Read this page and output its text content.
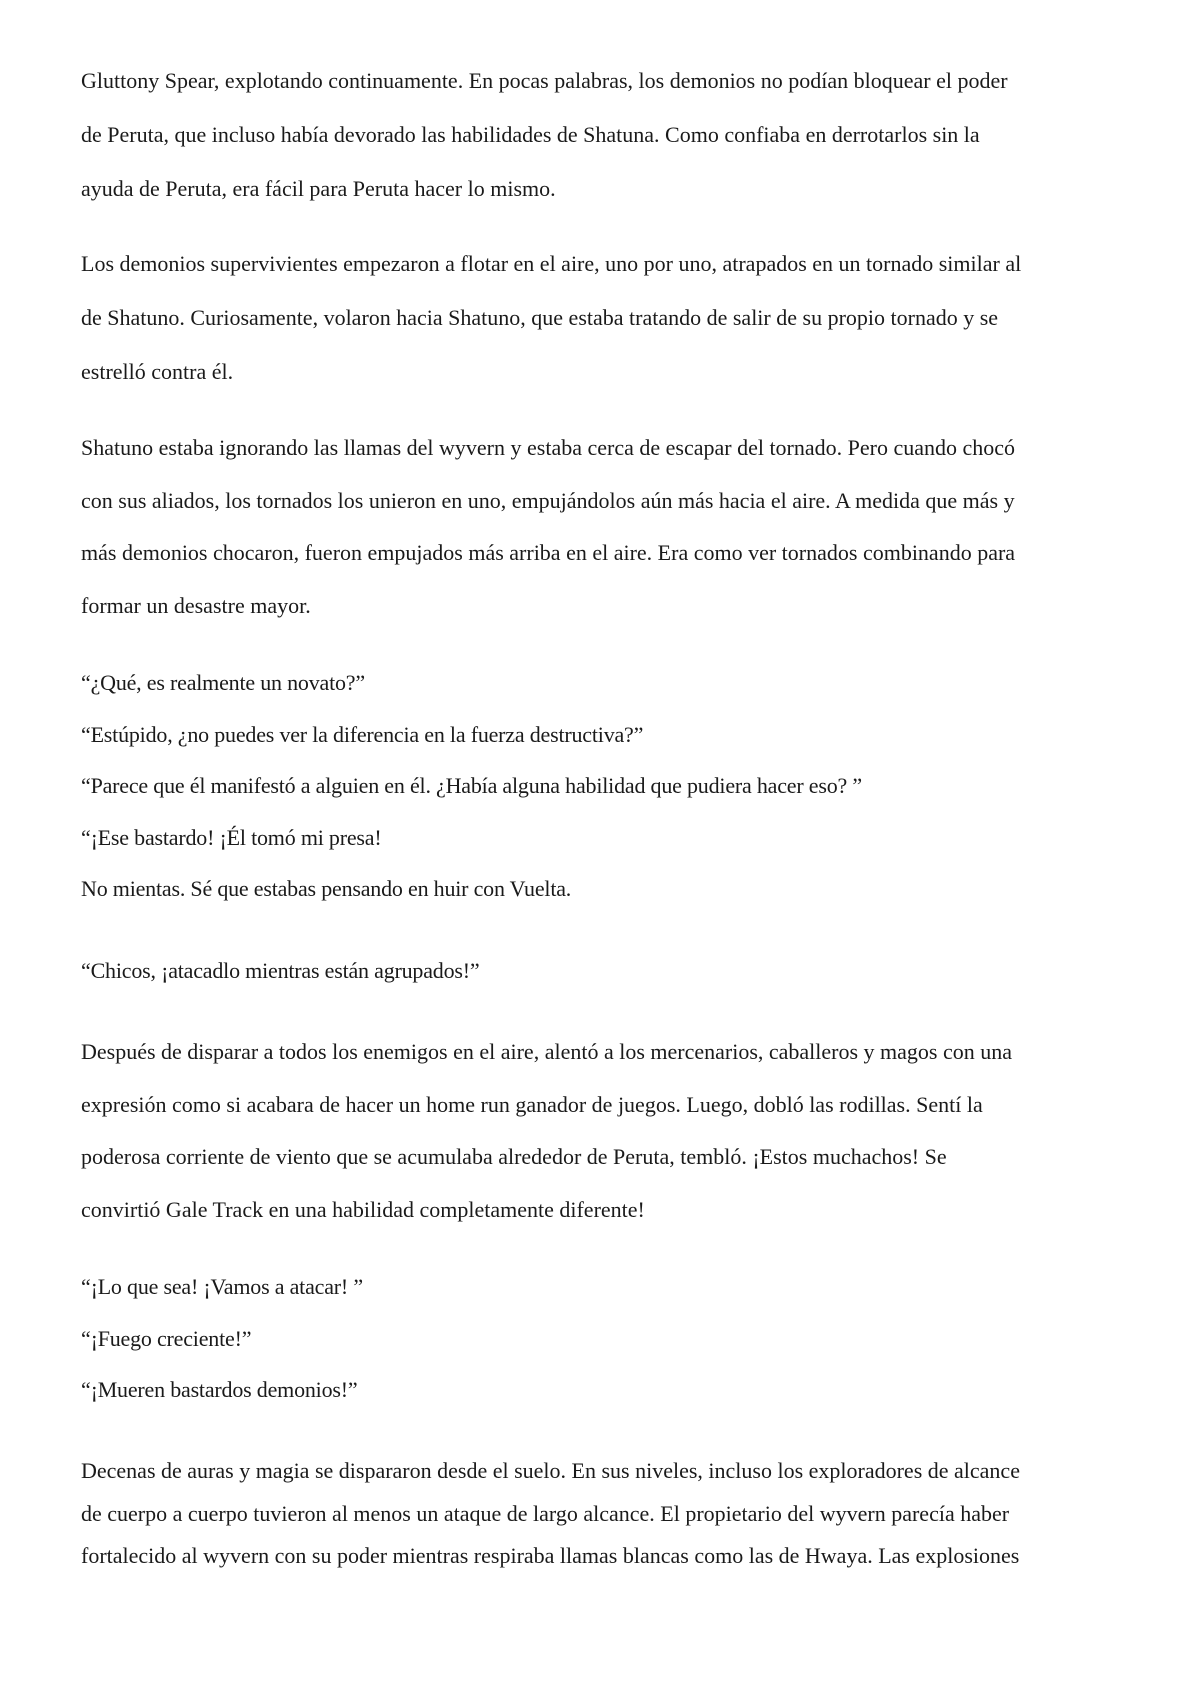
Gluttony Spear, explotando continuamente. En pocas palabras, los demonios no podían bloquear el poder
de Peruta, que incluso había devorado las habilidades de Shatuna. Como confiaba en derrotarlos sin la
ayuda de Peruta, era fácil para Peruta hacer lo mismo.
Los demonios supervivientes empezaron a flotar en el aire, uno por uno, atrapados en un tornado similar al
de Shatuno. Curiosamente, volaron hacia Shatuno, que estaba tratando de salir de su propio tornado y se
estrelló contra él.
Shatuno estaba ignorando las llamas del wyvern y estaba cerca de escapar del tornado. Pero cuando chocó
con sus aliados, los tornados los unieron en uno, empujándolos aún más hacia el aire. A medida que más y
más demonios chocaron, fueron empujados más arriba en el aire. Era como ver tornados combinando para
formar un desastre mayor.
“¿Qué, es realmente un novato?”
“Estúpido, ¿no puedes ver la diferencia en la fuerza destructiva?”
“Parece que él manifestó a alguien en él. ¿Había alguna habilidad que pudiera hacer eso? ”
“¡Ese bastardo! ¡Él tomó mi presa!
No mientas. Sé que estabas pensando en huir con Vuelta.
“Chicos, ¡atacadlo mientras están agrupados!”
Después de disparar a todos los enemigos en el aire, alentó a los mercenarios, caballeros y magos con una
expresión como si acabara de hacer un home run ganador de juegos. Luego, dobló las rodillas. Sentí la
poderosa corriente de viento que se acumulaba alrededor de Peruta, tembló. ¡Estos muchachos! Se
convirtió Gale Track en una habilidad completamente diferente!
“¡Lo que sea! ¡Vamos a atacar! ”
“¡Fuego creciente!”
“¡Mueren bastardos demonios!”
Decenas de auras y magia se dispararon desde el suelo. En sus niveles, incluso los exploradores de alcance
de cuerpo a cuerpo tuvieron al menos un ataque de largo alcance. El propietario del wyvern parecía haber
fortalecido al wyvern con su poder mientras respiraba llamas blancas como las de Hwaya. Las explosiones
